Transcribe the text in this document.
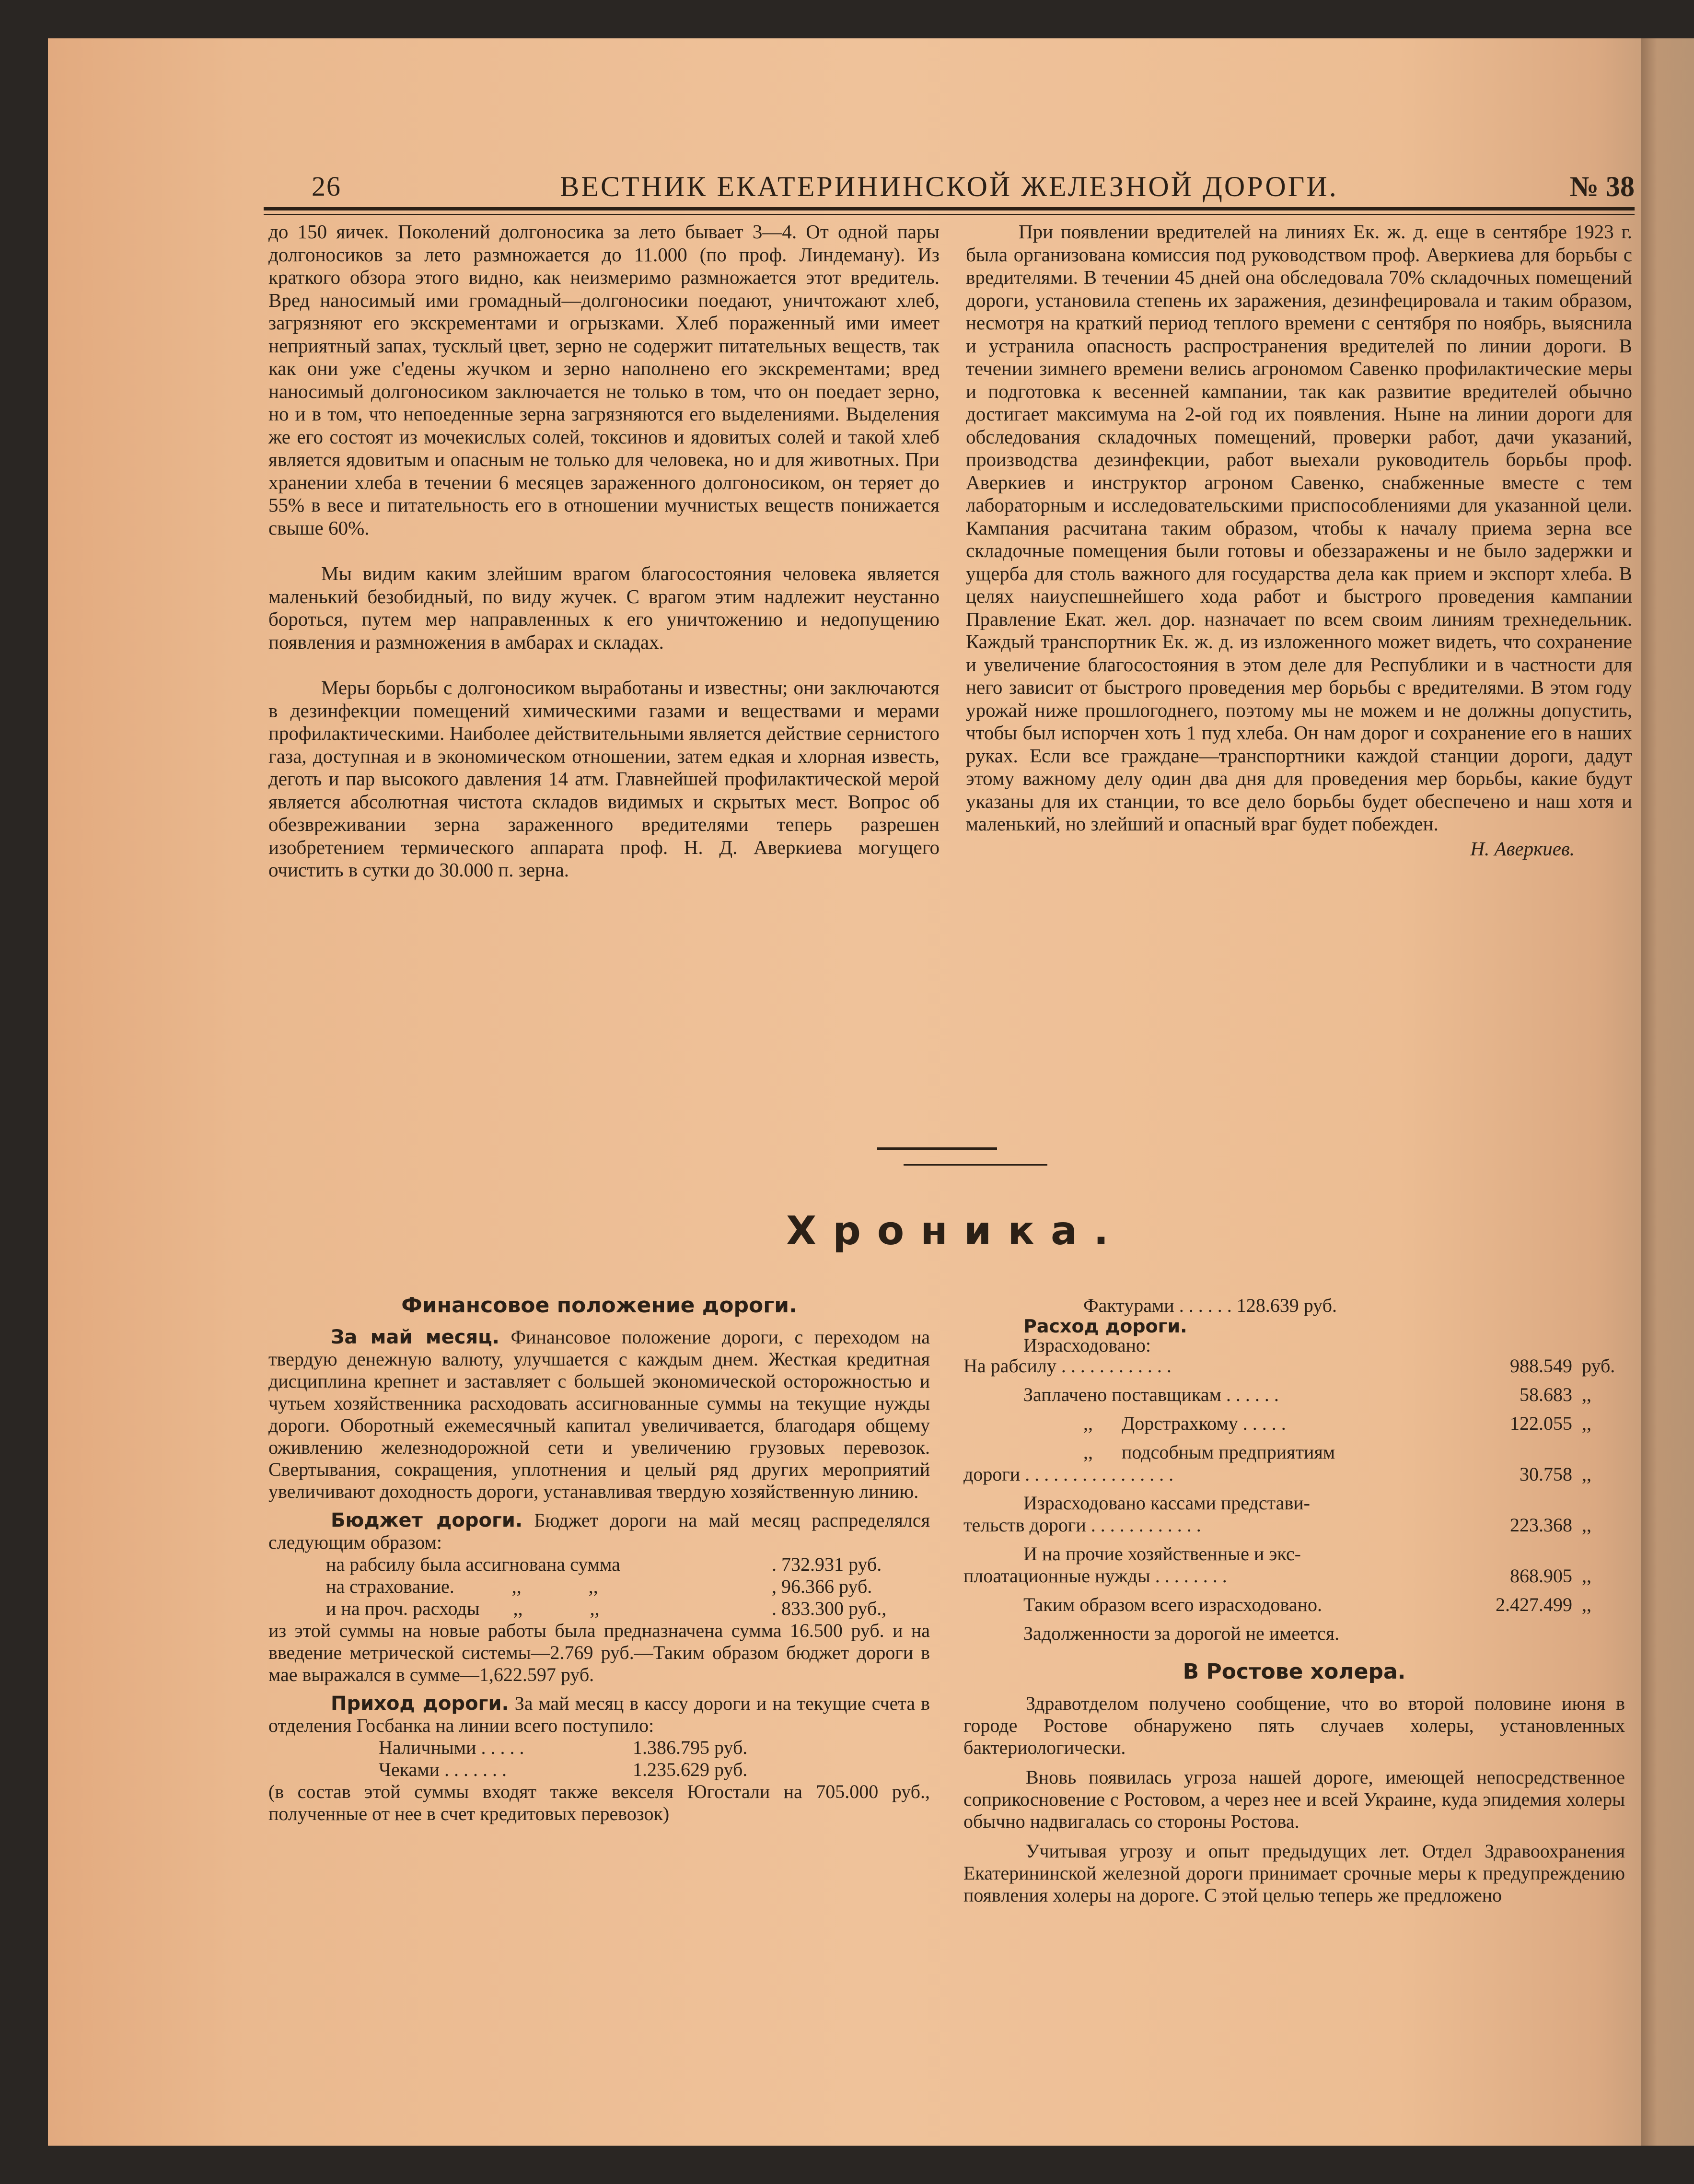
26	ВЕСТНИК ЕКАТЕРИНИНСКОЙ ЖЕЛЕЗНОЙ ДОРОГИ.	№ 38

до 150 яичек. Поколений долгоносика за лето бывает 3—4. От одной пары долгоносиков за лето размножается до 11.000 (по проф. Линдеману). Из краткого обзора этого видно, как неизмеримо размножается этот вредитель. Вред наносимый ими громадный—долгоносики поедают, уничтожают хлеб, загрязняют его экскрементами и огрызками. Хлеб пораженный ими имеет неприятный запах, тусклый цвет, зерно не содержит питательных веществ, так как они уже с'едены жучком и зерно наполнено его экскрементами; вред наносимый долгоносиком заключается не только в том, что он поедает зерно, но и в том, что непоеденные зерна загрязняются его выделениями. Выделения же его состоят из мочекислых солей, токсинов и ядовитых солей и такой хлеб является ядовитым и опасным не только для человека, но и для животных. При хранении хлеба в течении 6 месяцев зараженного долгоносиком, он теряет до 55% в весе и питательность его в отношении мучнистых веществ понижается свыше 60%.

Мы видим каким злейшим врагом благосостояния человека является маленький безобидный, по виду жучек. С врагом этим надлежит неустанно бороться, путем мер направленных к его уничтожению и недопущению появления и размножения в амбарах и складах.

Меры борьбы с долгоносиком выработаны и известны; они заключаются в дезинфекции помещений химическими газами и веществами и мерами профилактическими. Наиболее действительными является действие сернистого газа, доступная и в экономическом отношении, затем едкая и хлорная известь, деготь и пар высокого давления 14 атм. Главнейшей профилактической мерой является абсолютная чистота складов видимых и скрытых мест. Вопрос об обезвреживании зерна зараженного вредителями теперь разрешен изобретением термического аппарата проф. Н. Д. Аверкиева могущего очистить в сутки до 30.000 п. зерна.

При появлении вредителей на линиях Ек. ж. д. еще в сентябре 1923 г. была организована комиссия под руководством проф. Аверкиева для борьбы с вредителями. В течении 45 дней она обследовала 70% складочных помещений дороги, установила степень их заражения, дезинфецировала и таким образом, несмотря на краткий период теплого времени с сентября по ноябрь, выяснила и устранила опасность распространения вредителей по линии дороги. В течении зимнего времени велись агрономом Савенко профилактические меры и подготовка к весенней кампании, так как развитие вредителей обычно достигает максимума на 2-ой год их появления. Ныне на линии дороги для обследования складочных помещений, проверки работ, дачи указаний, производства дезинфекции, работ выехали руководитель борьбы проф. Аверкиев и инструктор агроном Савенко, снабженные вместе с тем лабораторным и исследовательскими приспособлениями для указанной цели. Кампания расчитана таким образом, чтобы к началу приема зерна все складочные помещения были готовы и обеззаражены и не было задержки и ущерба для столь важного для государства дела как прием и экспорт хлеба. В целях наиуспешнейшего хода работ и быстрого проведения кампании Правление Екат. жел. дор. назначает по всем своим линиям трехнедельник. Каждый транспортник Ек. ж. д. из изложенного может видеть, что сохранение и увеличение благосостояния в этом деле для Республики и в частности для него зависит от быстрого проведения мер борьбы с вредителями. В этом году урожай ниже прошлогоднего, поэтому мы не можем и не должны допустить, чтобы был испорчен хоть 1 пуд хлеба. Он нам дорог и сохранение его в наших руках. Если все граждане—транспортники каждой станции дороги, дадут этому важному делу один два дня для проведения мер борьбы, какие будут указаны для их станции, то все дело борьбы будет обеспечено и наш хотя и маленький, но злейший и опасный враг будет побежден.

Н. Аверкиев.
Хроника.
Финансовое положение дороги.

За май месяц. Финансовое положение дороги, с переходом на твердую денежную валюту, улучшается с каждым днем. Жесткая кредитная дисциплина крепнет и заставляет с большей экономической осторожностью и чутьем хозяйственника расходовать ассигнованные суммы на текущие нужды дороги. Оборотный ежемесячный капитал увеличивается, благодаря общему оживлению железнодорожной сети и увеличению грузовых перевозок. Свертывания, сокращения, уплотнения и целый ряд других мероприятий увеличивают доходность дороги, устанавливая твердую хозяйственную линию.

Бюджет дороги. Бюджет дороги на май месяц распределялся следующим образом:

на рабсилу была ассигнована сумма	. 732.931 руб.
на страхование.            ,,              ,,	, 96.366 руб.
и на проч. расходы       ,,              ,,	. 833.300 руб.,

из этой суммы на новые работы была предназначена сумма 16.500 руб. и на введение метрической системы—2.769 руб.—Таким образом бюджет дороги в мае выражался в сумме—1,622.597 руб.

Приход дороги. За май месяц в кассу дороги и на текущие счета в отделения Госбанка на линии всего поступило:

Наличными . . . . .	1.386.795 руб.
Чеками . . . . . . .	1.235.629 руб.

(в состав этой суммы входят также векселя Югостали на 705.000 руб., полученные от нее в счет кредитовых перевозок)

Фактурами . . . . . . 128.639 руб.
Расход дороги.
Израсходовано:
На рабсилу . . . . . . . . . . . .	988.549 руб.
Заплачено поставщикам . . . . . .	58.683 ,,
,,      Дорстрахкому . . . . .	122.055 ,,
,,      подсобным предприятиям
дороги . . . . . . . . . . . . . . . .	30.758 ,,
Израсходовано кассами представи-
тельств дороги . . . . . . . . . . . .	223.368 ,,
И на прочие хозяйственные и экс-
плоатационные нужды . . . . . . . .	868.905 ,,
Таким образом всего израсходовано.	2.427.499 ,,
Задолженности за дорогой не имеется.
В Ростове холера.

Здравотделом получено сообщение, что во второй половине июня в городе Ростове обнаружено пять случаев холеры, установленных бактериологически.

Вновь появилась угроза нашей дороге, имеющей непосредственное соприкосновение с Ростовом, а через нее и всей Украине, куда эпидемия холеры обычно надвигалась со стороны Ростова.

Учитывая угрозу и опыт предыдущих лет. Отдел Здравоохранения Екатерининской железной дороги принимает срочные меры к предупреждению появления холеры на дороге. С этой целью теперь же предложено
